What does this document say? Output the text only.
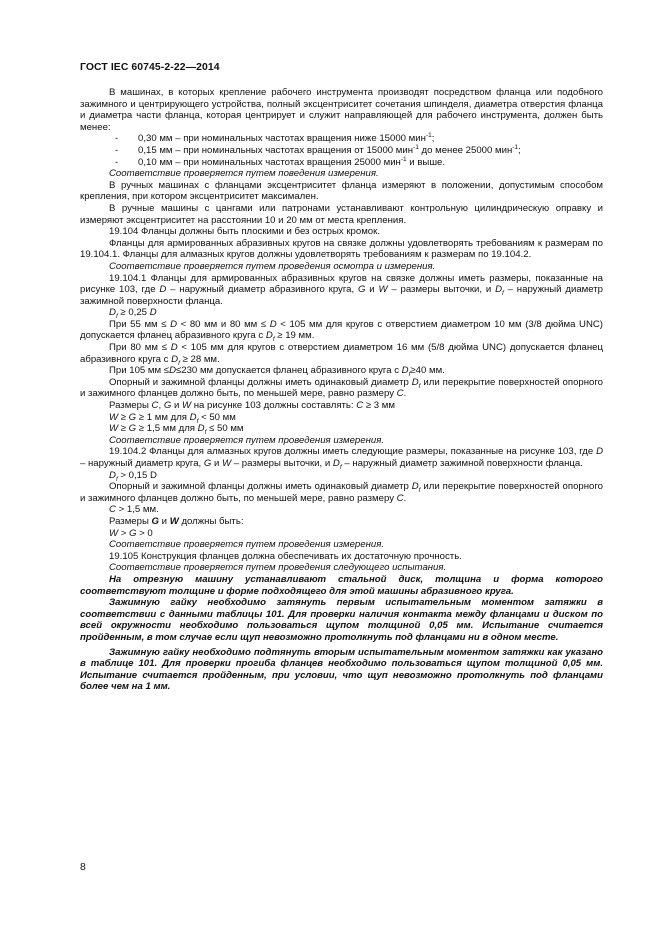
ГОСТ IEC 60745-2-22—2014

В машинах, в которых крепление рабочего инструмента производят посредством фланца или подобного зажимного и центрирующего устройства, полный эксцентриситет сочетания шпинделя, диаметра отверстия фланца и диаметра части фланца, которая центрирует и служит направляющей для рабочего инструмента, должен быть менее:

- 0,30 мм – при номинальных частотах вращения ниже 15000 мин$^{-1}$;

- 0,15 мм – при номинальных частотах вращения от 15000 мин$^{-1}$ до менее 25000 мин$^{-1}$;

- 0,10 мм – при номинальных частотах вращения 25000 мин$^{-1}$ и выше.

Соответствие проверяется путем поведения измерения.

В ручных машинах с фланцами эксцентриситет фланца измеряют в положении, допустимым способом крепления, при котором эксцентриситет максимален.

В ручные машины с цангами или патронами устанавливают контрольную цилиндрическую оправку и измеряют эксцентриситет на расстоянии 10 и 20 мм от места крепления.

19.104 Фланцы должны быть плоскими и без острых кромок.

Фланцы для армированных абразивных кругов на связке должны удовлетворять требованиям к размерам по 19.104.1. Фланцы для алмазных кругов должны удовлетворять требованиям к размерам по 19.104.2.

Соответствие проверяется путем проведения осмотра и измерения.

19.104.1 Фланцы для армированных абразивных кругов на связке должны иметь размеры, показанные на рисунке 103, где D – наружный диаметр абразивного круга, G и W – размеры выточки, и $D_f$ – наружный диаметр зажимной поверхности фланца.

$D_f \ge 0,25$ D

При 55 мм ≤ D < 80 мм и 80 мм ≤ D < 105 мм для кругов с отверстием диаметром 10 мм (3/8 дюйма UNC) допускается фланец абразивного круга с $D_f \ge 19$ мм.

При 80 мм ≤ D < 105 мм для кругов с отверстием диаметром 16 мм (5/8 дюйма UNC) допускается фланец абразивного круга с $D_f \ge 28$ мм.

При 105 мм ≤D≤230 мм допускается фланец абразивного круга с $D_f\ge 40$ мм.

Опорный и зажимной фланцы должны иметь одинаковый диаметр $D_f$ или перекрытие поверхностей опорного и зажимного фланцев должно быть, по меньшей мере, равно размеру C.

Размеры C, G и W на рисунке 103 должны составлять: C ≥ 3 мм

W ≥ G ≥ 1 мм для $D_f < 50$ мм

W ≥ G ≥ 1,5 мм для $D_f \le 50$ мм

Соответствие проверяется путем проведения измерения.

19.104.2 Фланцы для алмазных кругов должны иметь следующие размеры, показанные на рисунке 103, где D – наружный диаметр круга, G и W – размеры выточки, и $D_f$ – наружный диаметр зажимной поверхности фланца.

$D_f > 0,15$ D

Опорный и зажимной фланцы должны иметь одинаковый диаметр $D_f$ или перекрытие поверхностей опорного и зажимного фланцев должно быть, по меньшей мере, равно размеру C.

C > 1,5 мм.

Размеры G и W должны быть:

W > G > 0

Соответствие проверяется путем проведения измерения.

19.105 Конструкция фланцев должна обеспечивать их достаточную прочность.

Соответствие проверяется путем проведения следующего испытания.

На отрезную машину устанавливают стальной диск, толщина и форма которого соответствуют толщине и форме подходящего для этой машины абразивного круга.

Зажимную гайку необходимо затянуть первым испытательным моментом затяжки в соответствии с данными таблицы 101. Для проверки наличия контакта между фланцами и диском по всей окружности необходимо пользоваться щупом толщиной 0,05 мм. Испытание считается пройденным, в том случае если щуп невозможно протолкнуть под фланцами ни в одном месте.

Зажимную гайку необходимо подтянуть вторым испытательным моментом затяжки как указано в таблице 101. Для проверки прогиба фланцев необходимо пользоваться щупом толщиной 0,05 мм. Испытание считается пройденным, при условии, что щуп невозможно протолкнуть под фланцами более чем на 1 мм.

8
